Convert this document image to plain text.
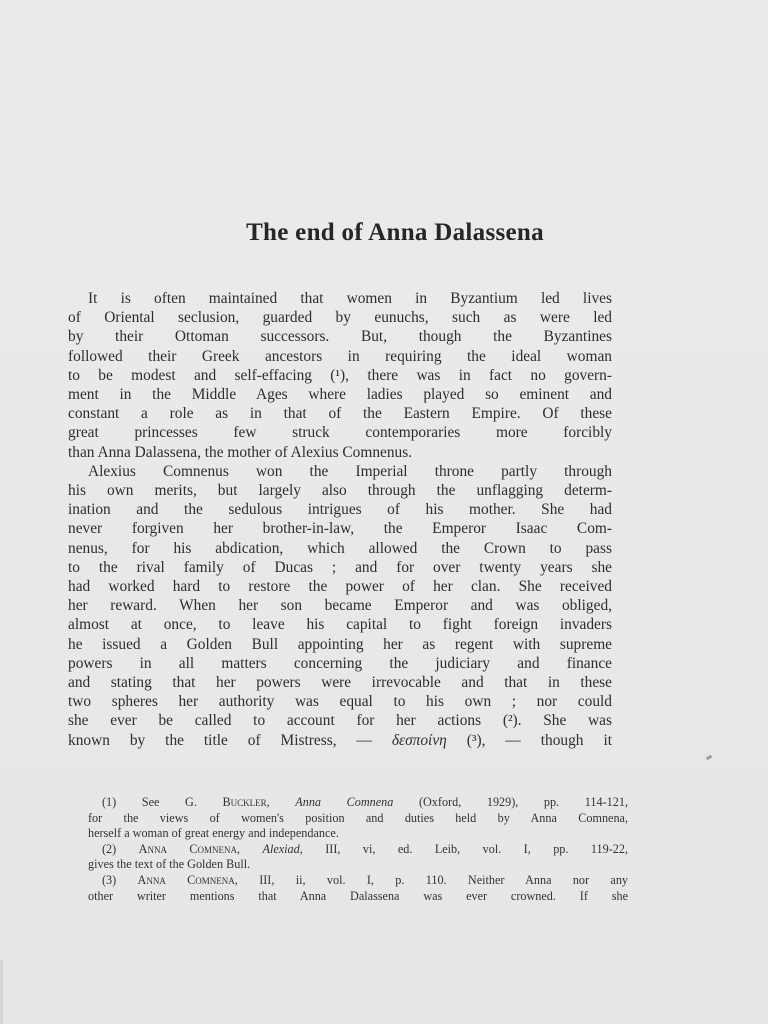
The end of Anna Dalassena
It is often maintained that women in Byzantium led lives
of Oriental seclusion, guarded by eunuchs, such as were led
by their Ottoman successors. But, though the Byzantines
followed their Greek ancestors in requiring the ideal woman
to be modest and self-effacing (¹), there was in fact no govern-
ment in the Middle Ages where ladies played so eminent and
constant a role as in that of the Eastern Empire. Of these
great princesses few struck contemporaries more forcibly
than Anna Dalassena, the mother of Alexius Comnenus.
Alexius Comnenus won the Imperial throne partly through
his own merits, but largely also through the unflagging determ-
ination and the sedulous intrigues of his mother. She had
never forgiven her brother-in-law, the Emperor Isaac Com-
nenus, for his abdication, which allowed the Crown to pass
to the rival family of Ducas ; and for over twenty years she
had worked hard to restore the power of her clan. She received
her reward. When her son became Emperor and was obliged,
almost at once, to leave his capital to fight foreign invaders
he issued a Golden Bull appointing her as regent with supreme
powers in all matters concerning the judiciary and finance
and stating that her powers were irrevocable and that in these
two spheres her authority was equal to his own ; nor could
she ever be called to account for her actions (²). She was
known by the title of Mistress, — δεσποίνη (³), — though it
(1) See G. Buckler, Anna Comnena (Oxford, 1929), pp. 114-121,
for the views of women's position and duties held by Anna Comnena,
herself a woman of great energy and independance.
(2) Anna Comnena, Alexiad, III, vi, ed. Leib, vol. I, pp. 119-22,
gives the text of the Golden Bull.
(3) Anna Comnena, III, ii, vol. I, p. 110. Neither Anna nor any
other writer mentions that Anna Dalassena was ever crowned. If she
